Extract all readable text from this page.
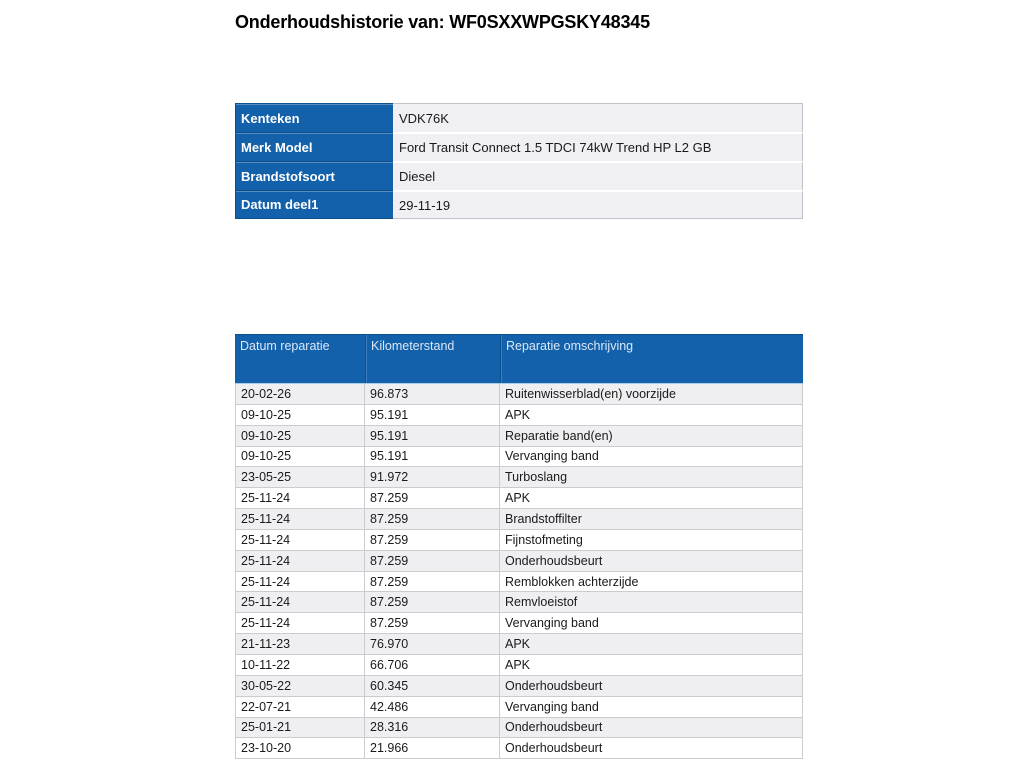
Onderhoudshistorie van: WF0SXXWPGSKY48345
Kenteken	VDK76K
Merk Model	Ford Transit Connect 1.5 TDCI 74kW Trend HP L2 GB
Brandstofsoort	Diesel
Datum deel1	29-11-19
Datum reparatie	Kilometerstand	Reparatie omschrijving
20-02-26	96.873	Ruitenwisserblad(en) voorzijde
09-10-25	95.191	APK
09-10-25	95.191	Reparatie band(en)
09-10-25	95.191	Vervanging band
23-05-25	91.972	Turboslang
25-11-24	87.259	APK
25-11-24	87.259	Brandstoffilter
25-11-24	87.259	Fijnstofmeting
25-11-24	87.259	Onderhoudsbeurt
25-11-24	87.259	Remblokken achterzijde
25-11-24	87.259	Remvloeistof
25-11-24	87.259	Vervanging band
21-11-23	76.970	APK
10-11-22	66.706	APK
30-05-22	60.345	Onderhoudsbeurt
22-07-21	42.486	Vervanging band
25-01-21	28.316	Onderhoudsbeurt
23-10-20	21.966	Onderhoudsbeurt
